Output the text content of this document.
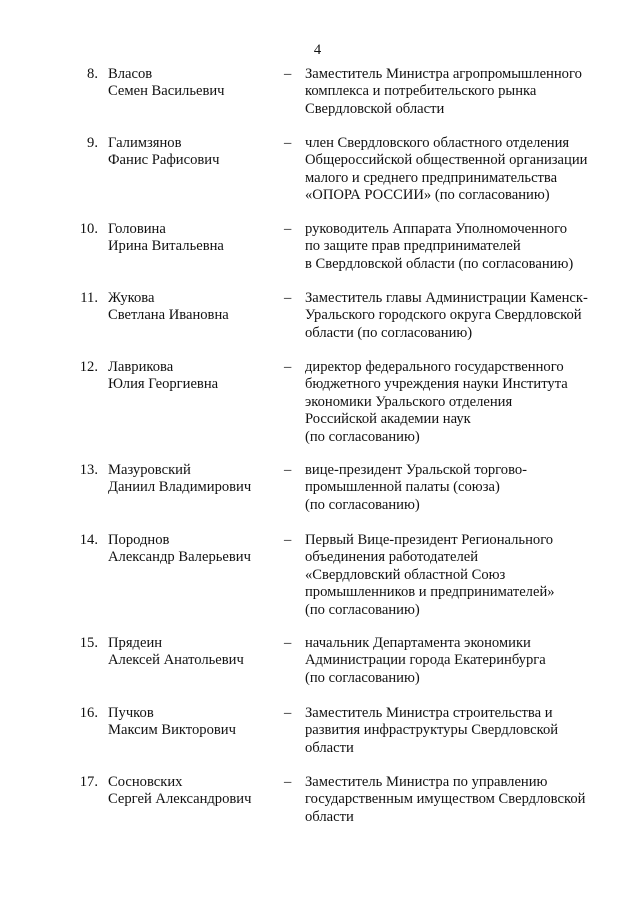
4
8. Власов
Семен Васильевич
– Заместитель Министра агропромышленного
комплекса и потребительского рынка
Свердловской области
9. Галимзянов
Фанис Рафисович
– член Свердловского областного отделения
Общероссийской общественной организации
малого и среднего предпринимательства
«ОПОРА РОССИИ» (по согласованию)
10. Головина
Ирина Витальевна
– руководитель Аппарата Уполномоченного
по защите прав предпринимателей
в Свердловской области (по согласованию)
11. Жукова
Светлана Ивановна
– Заместитель главы Администрации Каменск-
Уральского городского округа Свердловской
области (по согласованию)
12. Лаврикова
Юлия Георгиевна
– директор федерального государственного
бюджетного учреждения науки Института
экономики Уральского отделения
Российской академии наук
(по согласованию)
13. Мазуровский
Даниил Владимирович
– вице-президент Уральской торгово-
промышленной палаты (союза)
(по согласованию)
14. Породнов
Александр Валерьевич
– Первый Вице-президент Регионального
объединения работодателей
«Свердловский областной Союз
промышленников и предпринимателей»
(по согласованию)
15. Прядеин
Алексей Анатольевич
– начальник Департамента экономики
Администрации города Екатеринбурга
(по согласованию)
16. Пучков
Максим Викторович
– Заместитель Министра строительства и
развития инфраструктуры Свердловской
области
17. Сосновских
Сергей Александрович
– Заместитель Министра по управлению
государственным имуществом Свердловской
области
